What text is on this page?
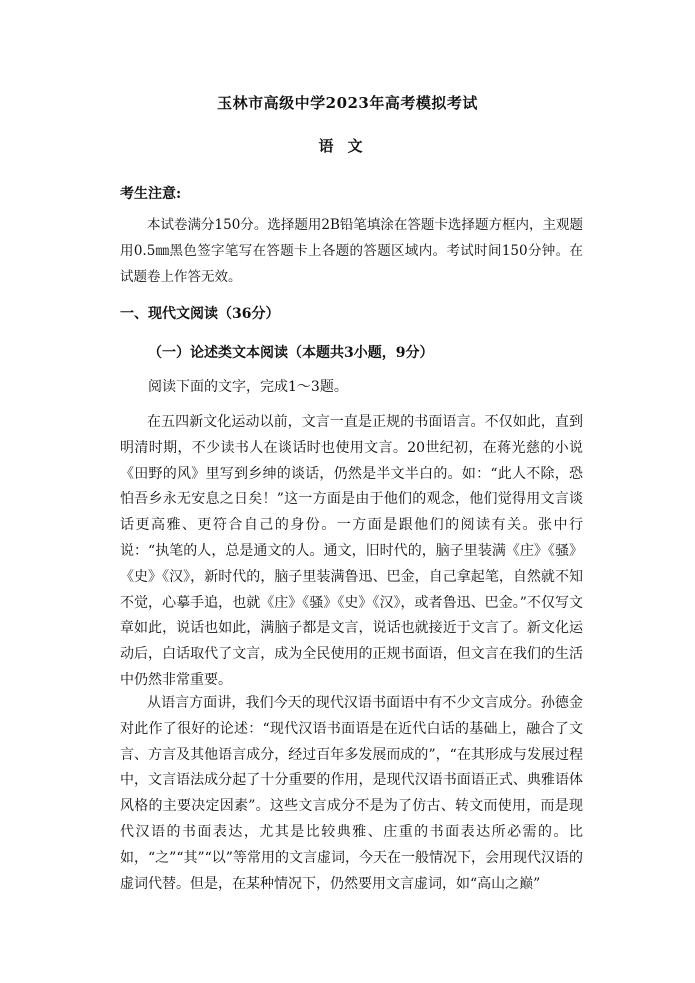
玉林市高级中学2023年高考模拟考试
语文
考生注意:
本试卷满分150分。选择题用2B铅笔填涂在答题卡选择题方框内，主观题用0.5㎜黑色签字笔写在答题卡上各题的答题区域内。考试时间150分钟。在试题卷上作答无效。
一、现代文阅读（36分）
（一）论述类文本阅读（本题共3小题，9分）
阅读下面的文字，完成1～3题。
在五四新文化运动以前，文言一直是正规的书面语言。不仅如此，直到明清时期，不少读书人在谈话时也使用文言。20世纪初，在蒋光慈的小说《田野的风》里写到乡绅的谈话，仍然是半文半白的。如：“此人不除，恐怕吾乡永无安息之日矣！”这一方面是由于他们的观念，他们觉得用文言谈话更高雅、更符合自己的身份。一方面是跟他们的阅读有关。张中行说：“执笔的人，总是通文的人。通文，旧时代的，脑子里装满《庄》《骚》《史》《汉》，新时代的，脑子里装满鲁迅、巴金，自己拿起笔，自然就不知不觉，心摹手追，也就《庄》《骚》《史》《汉》，或者鲁迅、巴金。”不仅写文章如此，说话也如此，满脑子都是文言，说话也就接近于文言了。新文化运动后，白话取代了文言，成为全民使用的正规书面语，但文言在我们的生活中仍然非常重要。
从语言方面讲，我们今天的现代汉语书面语中有不少文言成分。孙德金对此作了很好的论述：“现代汉语书面语是在近代白话的基础上，融合了文言、方言及其他语言成分，经过百年多发展而成的”，“在其形成与发展过程中，文言语法成分起了十分重要的作用，是现代汉语书面语正式、典雅语体风格的主要决定因素”。这些文言成分不是为了仿古、转文而使用，而是现代汉语的书面表达，尤其是比较典雅、庄重的书面表达所必需的。比如，“之”“其”“以”等常用的文言虚词，今天在一般情况下，会用现代汉语的虚词代替。但是，在某种情况下，仍然要用文言虚词，如“高山之巅”
